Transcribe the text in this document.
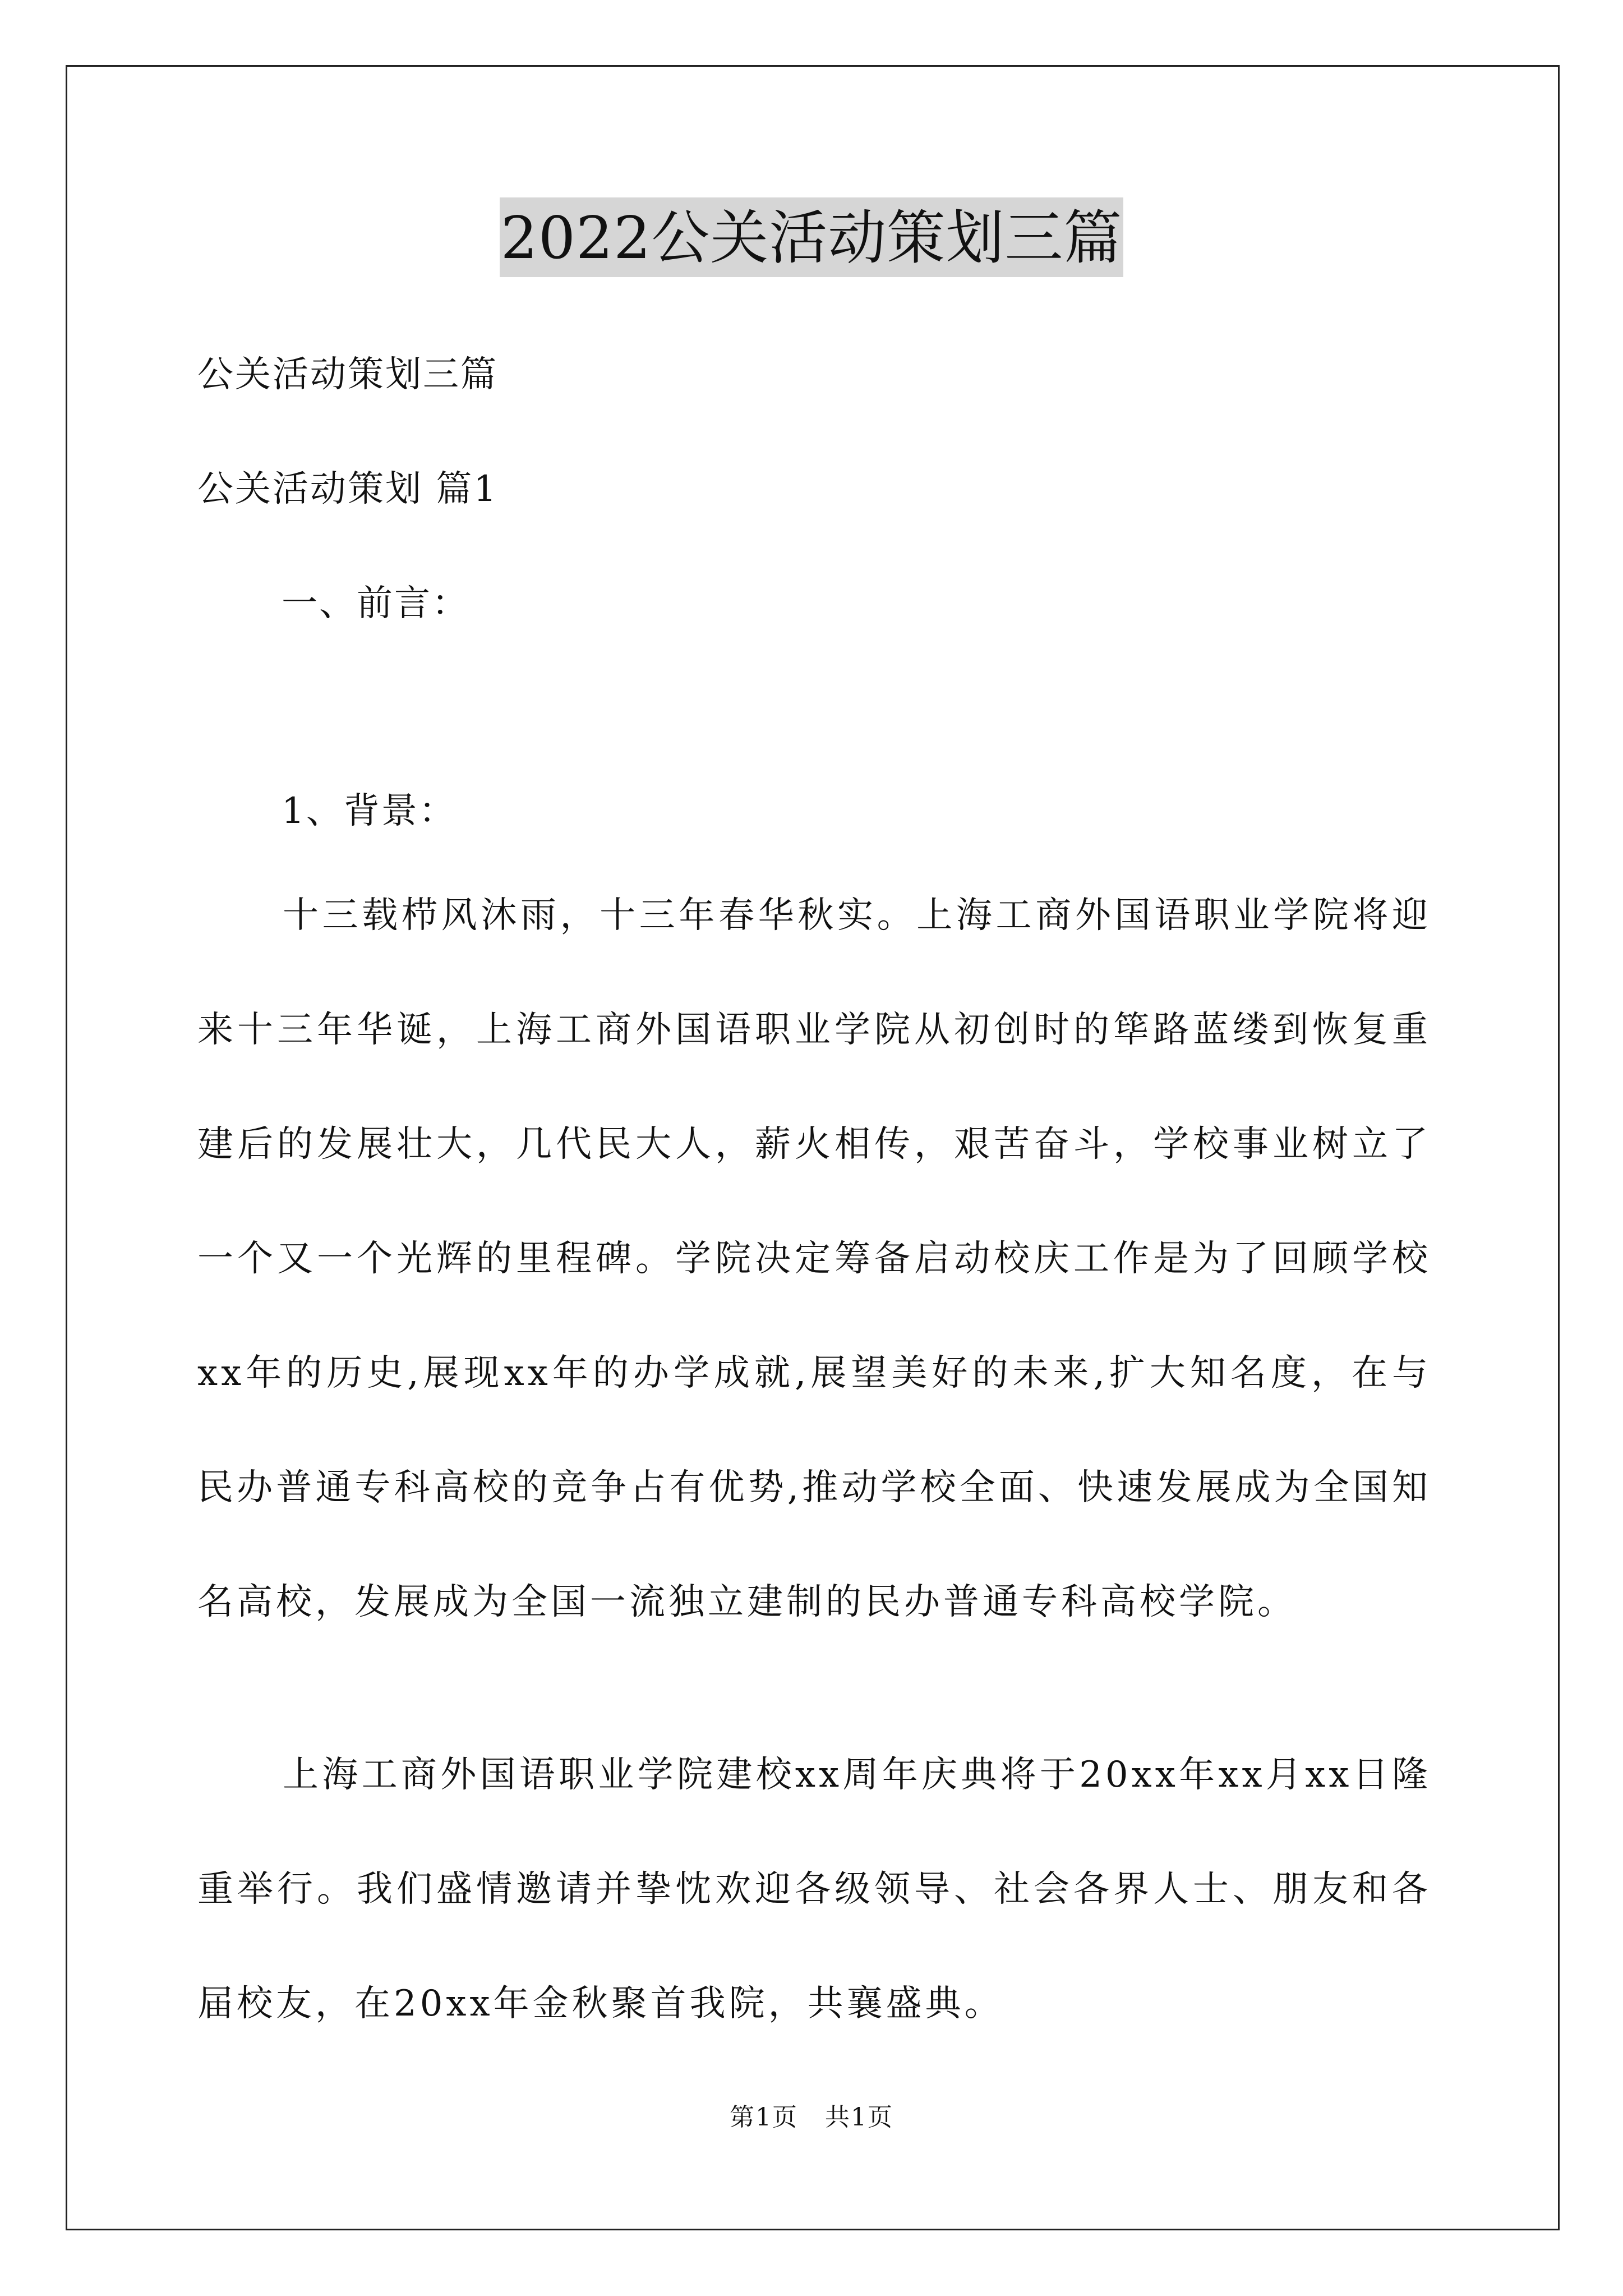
2022公关活动策划三篇
公关活动策划三篇
公关活动策划 篇1
一、前言：
1、背景：

十三载栉风沐雨，十三年春华秋实。上海工商外国语职业学院将迎来十三年华诞，上海工商外国语职业学院从初创时的筚路蓝缕到恢复重建后的发展壮大，几代民大人，薪火相传，艰苦奋斗，学校事业树立了一个又一个光辉的里程碑。学院决定筹备启动校庆工作是为了回顾学校xx年的历史,展现xx年的办学成就,展望美好的未来,扩大知名度，在与民办普通专科高校的竞争占有优势,推动学校全面、快速发展成为全国知名高校，发展成为全国一流独立建制的民办普通专科高校学院。

上海工商外国语职业学院建校xx周年庆典将于20xx年xx月xx日隆重举行。我们盛情邀请并挚忱欢迎各级领导、社会各界人士、朋友和各届校友，在20xx年金秋聚首我院，共襄盛典。

第1页   共1页
